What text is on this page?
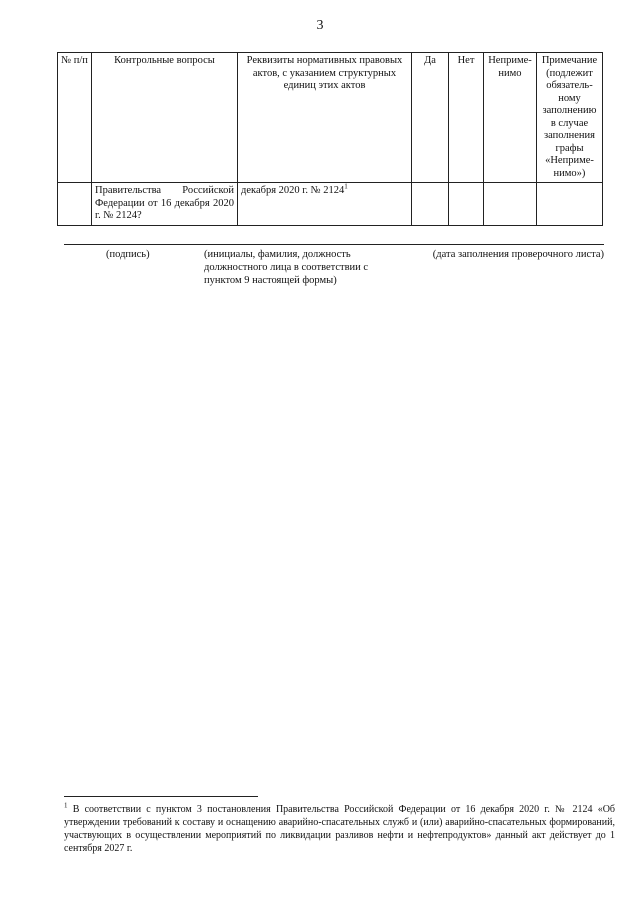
3
№ п/п	Контрольные вопросы	Реквизиты нормативных правовых актов, с указанием структурных единиц этих актов	Да	Нет	Неприме-нимо	Примечание (подлежит обязатель-ному заполнению в случае заполнения графы «Неприме-нимо»)
	Правительства Российской Федерации от 16 декабря 2020 г. № 2124?	декабря 2020 г. № 2124$^1$				
(подпись)	(инициалы, фамилия, должность должностного лица в соответствии с пунктом 9 настоящей формы)
(дата заполнения проверочного листа)
$^1$ В соответствии с пунктом 3 постановления Правительства Российской Федерации от 16 декабря 2020 г. № 2124 «Об утверждении требований к составу и оснащению аварийно-спасательных служб и (или) аварийно-спасательных формирований, участвующих в осуществлении мероприятий по ликвидации разливов нефти и нефтепродуктов» данный акт действует до 1 сентября 2027 г.
